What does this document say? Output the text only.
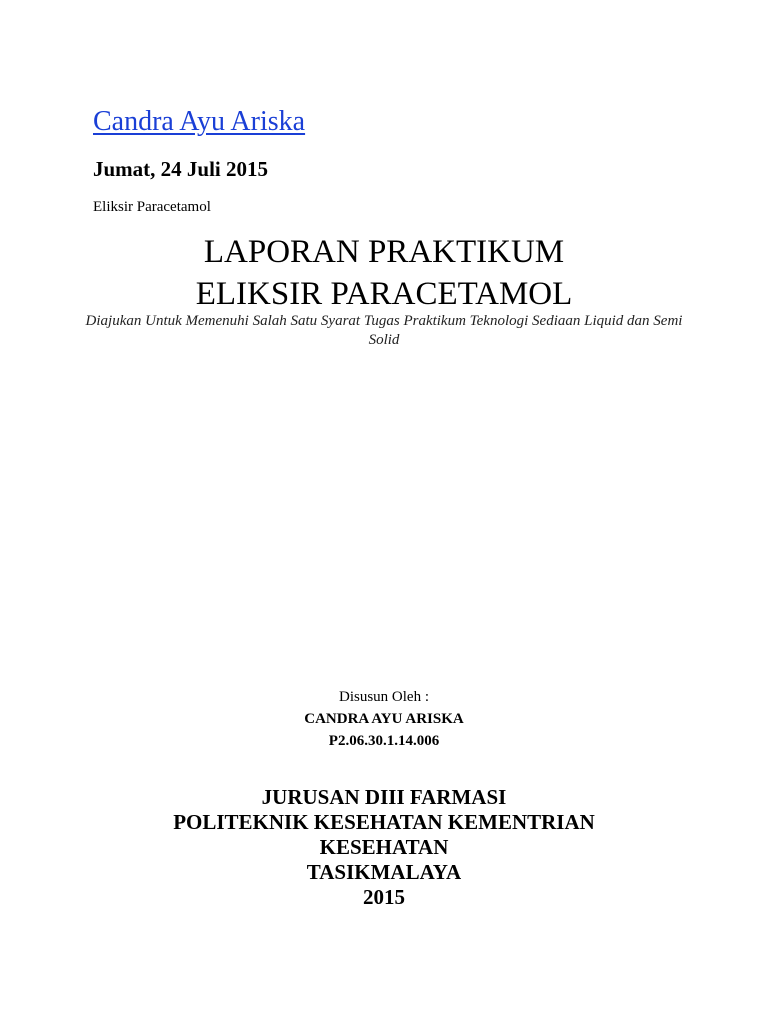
Candra Ayu Ariska
Jumat, 24 Juli 2015
Eliksir Paracetamol
LAPORAN PRAKTIKUM
ELIKSIR PARACETAMOL
Diajukan Untuk Memenuhi Salah Satu Syarat Tugas Praktikum Teknologi Sediaan Liquid dan Semi Solid
Disusun Oleh :
CANDRA AYU ARISKA
P2.06.30.1.14.006
JURUSAN DIII FARMASI
POLITEKNIK KESEHATAN KEMENTRIAN
KESEHATAN
TASIKMALAYA
2015
